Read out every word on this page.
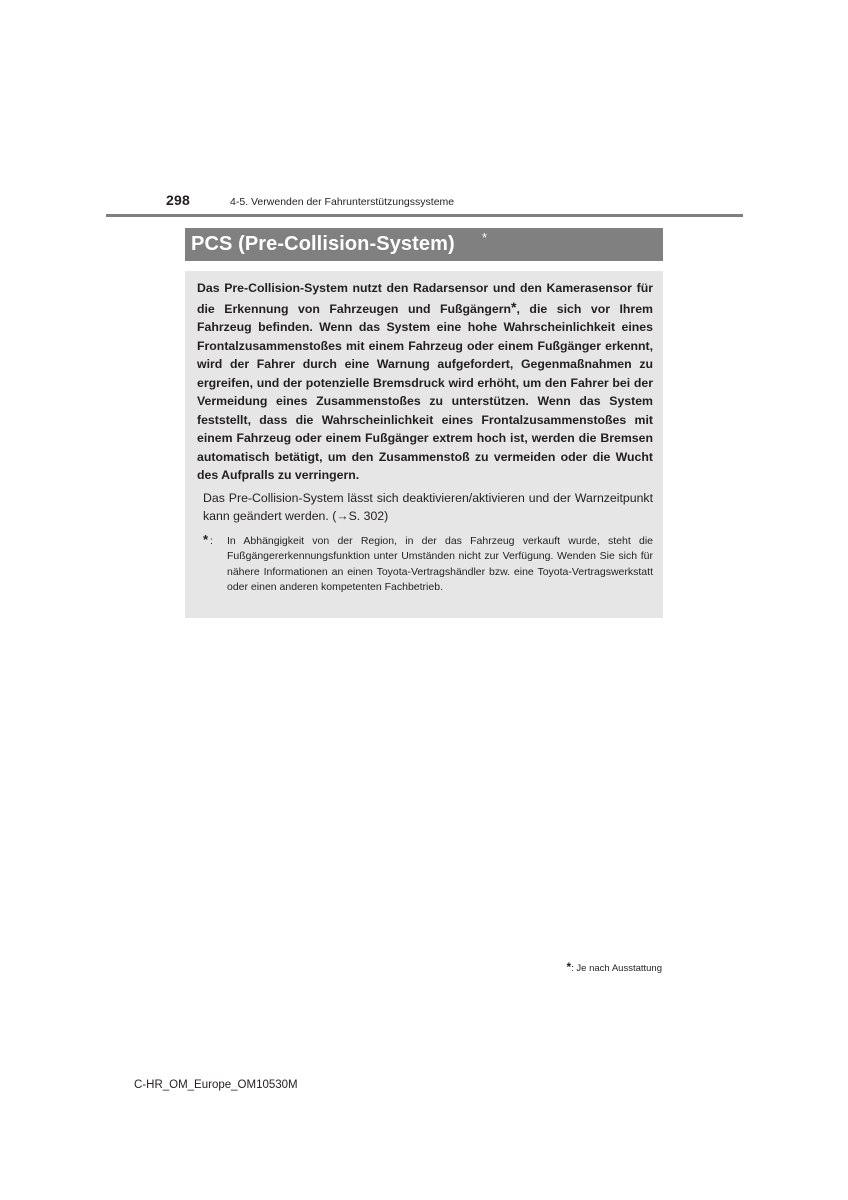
298	4-5. Verwenden der Fahrunterstützungssysteme
PCS (Pre-Collision-System) *

Das Pre-Collision-System nutzt den Radarsensor und den Kamerasensor für die Erkennung von Fahrzeugen und Fußgängern*, die sich vor Ihrem Fahrzeug befinden. Wenn das System eine hohe Wahrscheinlichkeit eines Frontalzusammenstoßes mit einem Fahrzeug oder einem Fußgänger erkennt, wird der Fahrer durch eine Warnung aufgefordert, Gegenmaßnahmen zu ergreifen, und der potenzielle Bremsdruck wird erhöht, um den Fahrer bei der Vermeidung eines Zusammenstoßes zu unterstützen. Wenn das System feststellt, dass die Wahrscheinlichkeit eines Frontalzusammenstoßes mit einem Fahrzeug oder einem Fußgänger extrem hoch ist, werden die Bremsen automatisch betätigt, um den Zusammenstoß zu vermeiden oder die Wucht des Aufpralls zu verringern.

Das Pre-Collision-System lässt sich deaktivieren/aktivieren und der Warnzeitpunkt kann geändert werden. (→S. 302)

* : In Abhängigkeit von der Region, in der das Fahrzeug verkauft wurde, steht die Fußgängererkennungsfunktion unter Umständen nicht zur Verfügung. Wenden Sie sich für nähere Informationen an einen Toyota-Vertragshändler bzw. eine Toyota-Vertragswerkstatt oder einen anderen kompetenten Fachbetrieb.
*: Je nach Ausstattung
C-HR_OM_Europe_OM10530M
